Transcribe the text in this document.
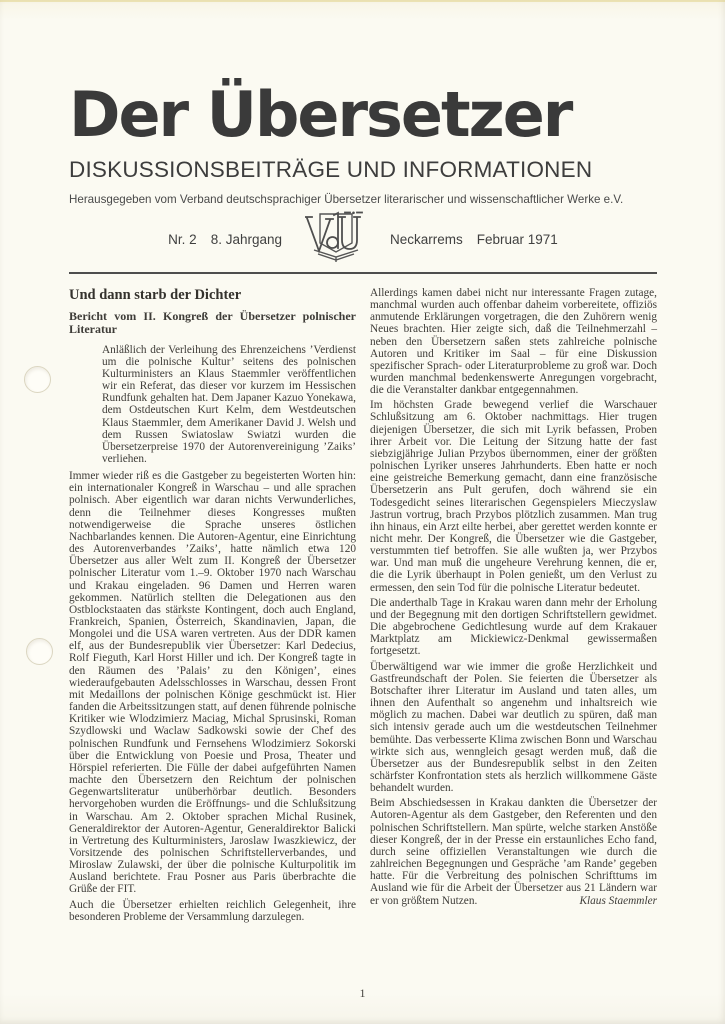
Der Übersetzer
DISKUSSIONSBEITRÄGE UND INFORMATIONEN
Herausgegeben vom Verband deutschsprachiger Übersetzer literarischer und wissenschaftlicher Werke e.V.
Nr. 2	8. Jahrgang	Neckarrems	Februar 1971
Und dann starb der Dichter
Bericht vom II. Kongreß der Übersetzer polnischer Literatur

Anläßlich der Verleihung des Ehrenzeichens ’Verdienst um die polnische Kultur’ seitens des polnischen Kulturministers an Klaus Staemmler veröffentlichen wir ein Referat, das dieser vor kurzem im Hessischen Rundfunk gehalten hat. Dem Japaner Kazuo Yonekawa, dem Ostdeutschen Kurt Kelm, dem Westdeutschen Klaus Staemmler, dem Amerikaner David J. Welsh und dem Russen Swiatoslaw Swiatzi wurden die Übersetzerpreise 1970 der Autorenvereinigung ’Zaiks’ verliehen.

Immer wieder riß es die Gastgeber zu begeisterten Worten hin: ein internationaler Kongreß in Warschau – und alle sprachen polnisch. Aber eigentlich war daran nichts Verwunderliches, denn die Teilnehmer dieses Kongresses mußten notwendigerweise die Sprache unseres östlichen Nachbarlandes kennen. Die Autoren-Agentur, eine Einrichtung des Autorenverbandes ’Zaiks’, hatte nämlich etwa 120 Übersetzer aus aller Welt zum II. Kongreß der Übersetzer polnischer Literatur vom 1.–9. Oktober 1970 nach Warschau und Krakau eingeladen. 96 Damen und Herren waren gekommen. Natürlich stellten die Delegationen aus den Ostblockstaaten das stärkste Kontingent, doch auch England, Frankreich, Spanien, Österreich, Skandinavien, Japan, die Mongolei und die USA waren vertreten. Aus der DDR kamen elf, aus der Bundesrepublik vier Übersetzer: Karl Dedecius, Rolf Fieguth, Karl Horst Hiller und ich. Der Kongreß tagte in den Räumen des ’Palais’ zu den Königen’, eines wiederaufgebauten Adelsschlosses in Warschau, dessen Front mit Medaillons der polnischen Könige geschmückt ist. Hier fanden die Arbeitssitzungen statt, auf denen führende polnische Kritiker wie Wlodzimierz Maciag, Michal Sprusinski, Roman Szydlowski und Waclaw Sadkowski sowie der Chef des polnischen Rundfunk und Fernsehens Wlodzimierz Sokorski über die Entwicklung von Poesie und Prosa, Theater und Hörspiel referierten. Die Fülle der dabei aufgeführten Namen machte den Übersetzern den Reichtum der polnischen Gegenwartsliteratur unüberhörbar deutlich. Besonders hervorgehoben wurden die Eröffnungs- und die Schlußsitzung in Warschau. Am 2. Oktober sprachen Michal Rusinek, Generaldirektor der Autoren-Agentur, Generaldirektor Balicki in Vertretung des Kulturministers, Jaroslaw Iwaszkiewicz, der Vorsitzende des polnischen Schriftstellerverbandes, und Miroslaw Zulawski, der über die polnische Kulturpolitik im Ausland berichtete. Frau Posner aus Paris überbrachte die Grüße der FIT.

Auch die Übersetzer erhielten reichlich Gelegenheit, ihre besonderen Probleme der Versammlung darzulegen.

Allerdings kamen dabei nicht nur interessante Fragen zutage, manchmal wurden auch offenbar daheim vorbereitete, offiziös anmutende Erklärungen vorgetragen, die den Zuhörern wenig Neues brachten. Hier zeigte sich, daß die Teilnehmerzahl – neben den Übersetzern saßen stets zahlreiche polnische Autoren und Kritiker im Saal – für eine Diskussion spezifischer Sprach- oder Literaturprobleme zu groß war. Doch wurden manchmal bedenkenswerte Anregungen vorgebracht, die die Veranstalter dankbar entgegennahmen.

Im höchsten Grade bewegend verlief die Warschauer Schlußsitzung am 6. Oktober nachmittags. Hier trugen diejenigen Übersetzer, die sich mit Lyrik befassen, Proben ihrer Arbeit vor. Die Leitung der Sitzung hatte der fast siebzigjährige Julian Przybos übernommen, einer der größten polnischen Lyriker unseres Jahrhunderts. Eben hatte er noch eine geistreiche Bemerkung gemacht, dann eine französische Übersetzerin ans Pult gerufen, doch während sie ein Todesgedicht seines literarischen Gegenspielers Mieczyslaw Jastrun vortrug, brach Przybos plötzlich zusammen. Man trug ihn hinaus, ein Arzt eilte herbei, aber gerettet werden konnte er nicht mehr. Der Kongreß, die Übersetzer wie die Gastgeber, verstummten tief betroffen. Sie alle wußten ja, wer Przybos war. Und man muß die ungeheure Verehrung kennen, die er, die die Lyrik überhaupt in Polen genießt, um den Verlust zu ermessen, den sein Tod für die polnische Literatur bedeutet.

Die anderthalb Tage in Krakau waren dann mehr der Erholung und der Begegnung mit den dortigen Schriftstellern gewidmet. Die abgebrochene Gedichtlesung wurde auf dem Krakauer Marktplatz am Mickiewicz-Denkmal gewissermaßen fortgesetzt.

Überwältigend war wie immer die große Herzlichkeit und Gastfreundschaft der Polen. Sie feierten die Übersetzer als Botschafter ihrer Literatur im Ausland und taten alles, um ihnen den Aufenthalt so angenehm und inhaltsreich wie möglich zu machen. Dabei war deutlich zu spüren, daß man sich intensiv gerade auch um die westdeutschen Teilnehmer bemühte. Das verbesserte Klima zwischen Bonn und Warschau wirkte sich aus, wenngleich gesagt werden muß, daß die Übersetzer aus der Bundesrepublik selbst in den Zeiten schärfster Konfrontation stets als herzlich willkommene Gäste behandelt wurden.

Beim Abschiedsessen in Krakau dankten die Übersetzer der Autoren-Agentur als dem Gastgeber, den Referenten und den polnischen Schriftstellern. Man spürte, welche starken Anstöße dieser Kongreß, der in der Presse ein erstaunliches Echo fand, durch seine offiziellen Veranstaltungen wie durch die zahlreichen Begegnungen und Gespräche ’am Rande’ gegeben hatte. Für die Verbreitung des polnischen Schrifttums im Ausland wie für die Arbeit der Übersetzer aus 21 Ländern war er von größtem Nutzen.	Klaus Staemmler

1
